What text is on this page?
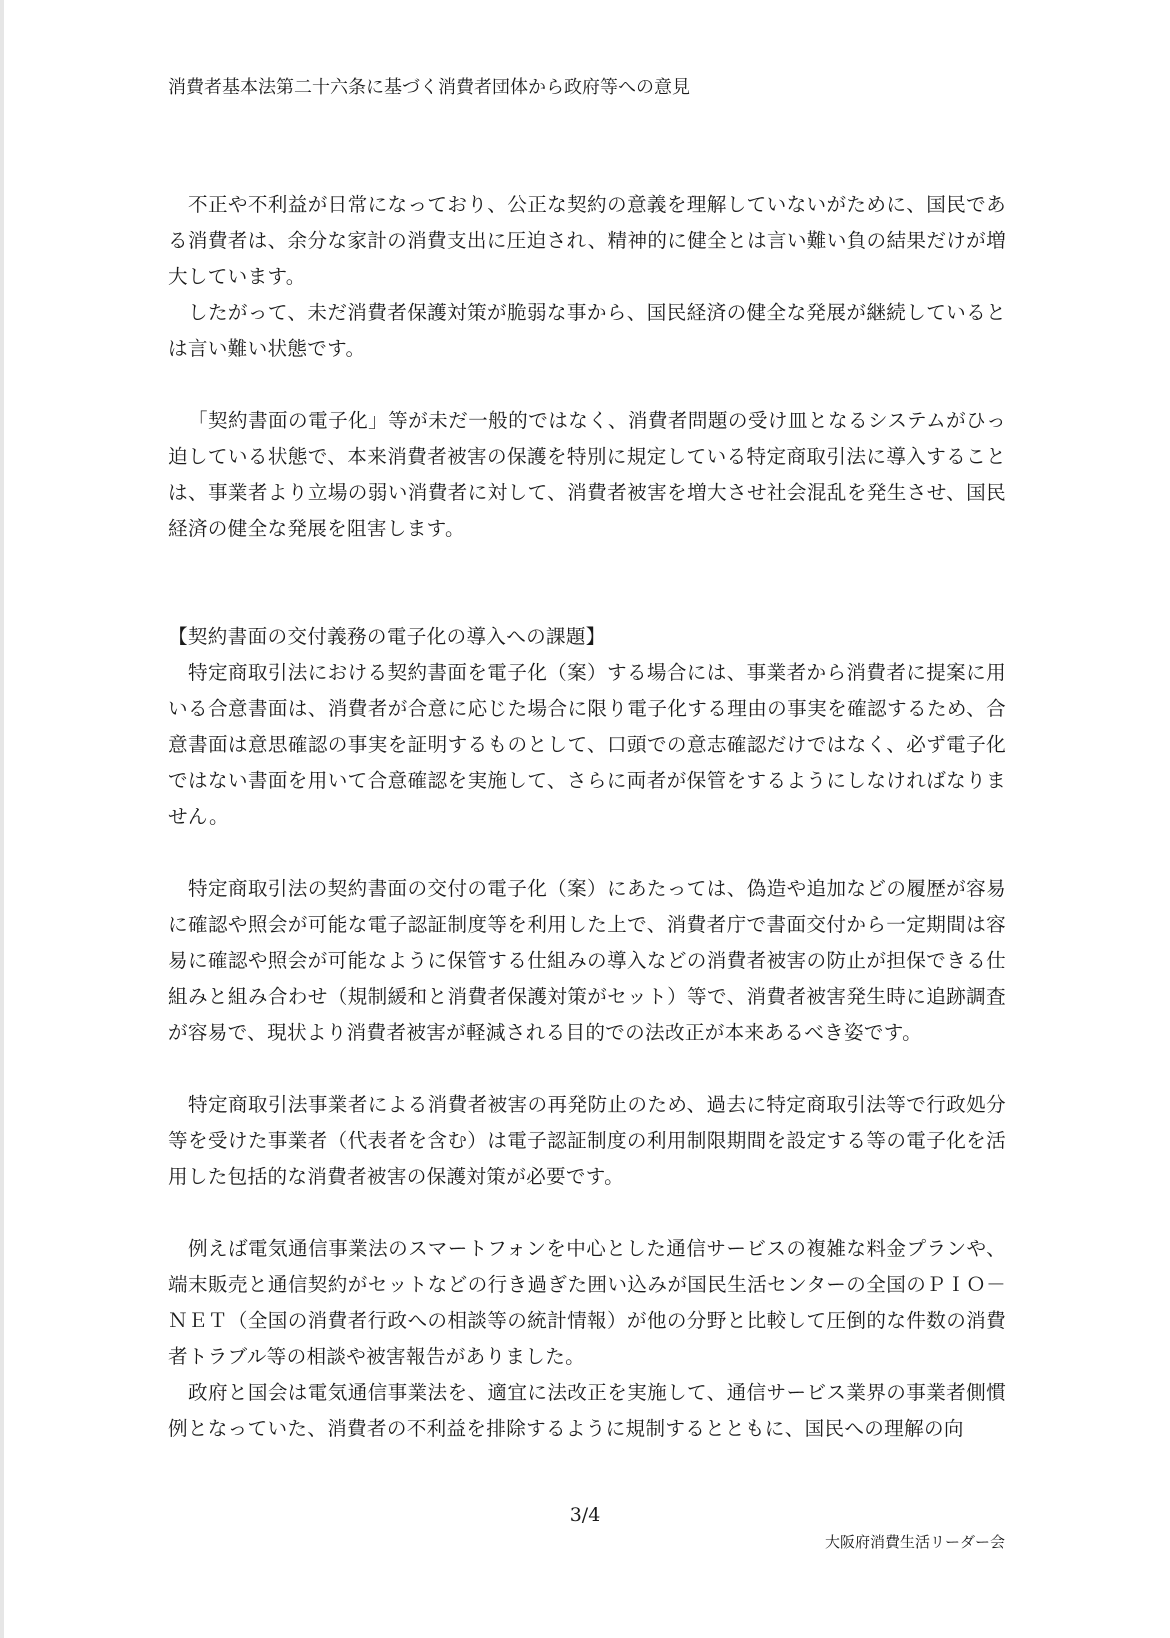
消費者基本法第二十六条に基づく消費者団体から政府等への意見

不正や不利益が日常になっており、公正な契約の意義を理解していないがために、国民である消費者は、余分な家計の消費支出に圧迫され、精神的に健全とは言い難い負の結果だけが増大しています。

したがって、未だ消費者保護対策が脆弱な事から、国民経済の健全な発展が継続しているとは言い難い状態です。

「契約書面の電子化」等が未だ一般的ではなく、消費者問題の受け皿となるシステムがひっ迫している状態で、本来消費者被害の保護を特別に規定している特定商取引法に導入することは、事業者より立場の弱い消費者に対して、消費者被害を増大させ社会混乱を発生させ、国民経済の健全な発展を阻害します。

【契約書面の交付義務の電子化の導入への課題】

特定商取引法における契約書面を電子化（案）する場合には、事業者から消費者に提案に用いる合意書面は、消費者が合意に応じた場合に限り電子化する理由の事実を確認するため、合意書面は意思確認の事実を証明するものとして、口頭での意志確認だけではなく、必ず電子化ではない書面を用いて合意確認を実施して、さらに両者が保管をするようにしなければなりません。

特定商取引法の契約書面の交付の電子化（案）にあたっては、偽造や追加などの履歴が容易に確認や照会が可能な電子認証制度等を利用した上で、消費者庁で書面交付から一定期間は容易に確認や照会が可能なように保管する仕組みの導入などの消費者被害の防止が担保できる仕組みと組み合わせ（規制緩和と消費者保護対策がセット）等で、消費者被害発生時に追跡調査が容易で、現状より消費者被害が軽減される目的での法改正が本来あるべき姿です。

特定商取引法事業者による消費者被害の再発防止のため、過去に特定商取引法等で行政処分等を受けた事業者（代表者を含む）は電子認証制度の利用制限期間を設定する等の電子化を活用した包括的な消費者被害の保護対策が必要です。

例えば電気通信事業法のスマートフォンを中心とした通信サービスの複雑な料金プランや、端末販売と通信契約がセットなどの行き過ぎた囲い込みが国民生活センターの全国のＰＩＯ－ＮＥＴ（全国の消費者行政への相談等の統計情報）が他の分野と比較して圧倒的な件数の消費者トラブル等の相談や被害報告がありました。

政府と国会は電気通信事業法を、適宜に法改正を実施して、通信サービス業界の事業者側慣例となっていた、消費者の不利益を排除するように規制するとともに、国民への理解の向

3/4
大阪府消費生活リーダー会
